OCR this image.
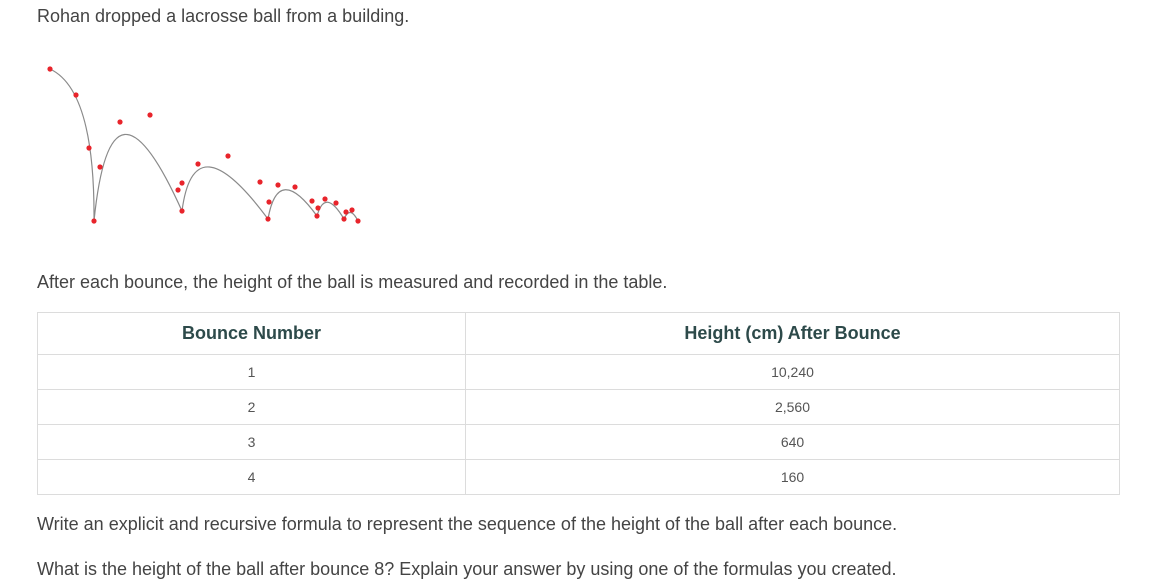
Rohan dropped a lacrosse ball from a building.

After each bounce, the height of the ball is measured and recorded in the table.

Bounce Number	Height (cm) After Bounce
1	10,240
2	2,560
3	640
4	160

Write an explicit and recursive formula to represent the sequence of the height of the ball after each bounce.

What is the height of the ball after bounce 8? Explain your answer by using one of the formulas you created.
